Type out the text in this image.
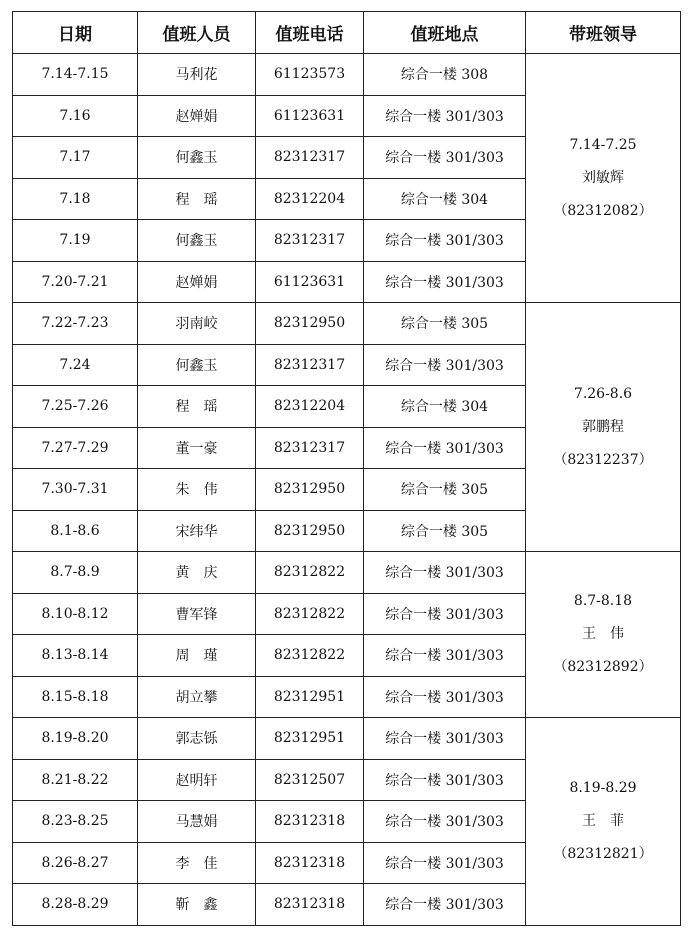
日期	值班人员	值班电话	值班地点	带班领导
7.14-7.15	马利花	61123573	综合一楼 308	7.14-7.25
刘敏辉
（82312082）

7.16	赵婵娟	61123631	综合一楼 301/303	
7.17	何鑫玉	82312317	综合一楼 301/303	
7.18	程　瑶	82312204	综合一楼 304	
7.19	何鑫玉	82312317	综合一楼 301/303	
7.20-7.21	赵婵娟	61123631	综合一楼 301/303	
7.22-7.23	羽南峧	82312950	综合一楼 305	7.26-8.6
郭鹏程
（82312237）

7.24	何鑫玉	82312317	综合一楼 301/303	
7.25-7.26	程　瑶	82312204	综合一楼 304	
7.27-7.29	董一豪	82312317	综合一楼 301/303	
7.30-7.31	朱　伟	82312950	综合一楼 305	
8.1-8.6	宋纬华	82312950	综合一楼 305	
8.7-8.9	黄　庆	82312822	综合一楼 301/303	8.7-8.18
王　伟
（82312892）

8.10-8.12	曹军锋	82312822	综合一楼 301/303	
8.13-8.14	周　瑾	82312822	综合一楼 301/303	
8.15-8.18	胡立攀	82312951	综合一楼 301/303	
8.19-8.20	郭志铄	82312951	综合一楼 301/303	8.19-8.29
王　菲
（82312821）

8.21-8.22	赵明轩	82312507	综合一楼 301/303	
8.23-8.25	马慧娟	82312318	综合一楼 301/303	
8.26-8.27	李　佳	82312318	综合一楼 301/303	
8.28-8.29	靳　鑫	82312318	综合一楼 301/303	
